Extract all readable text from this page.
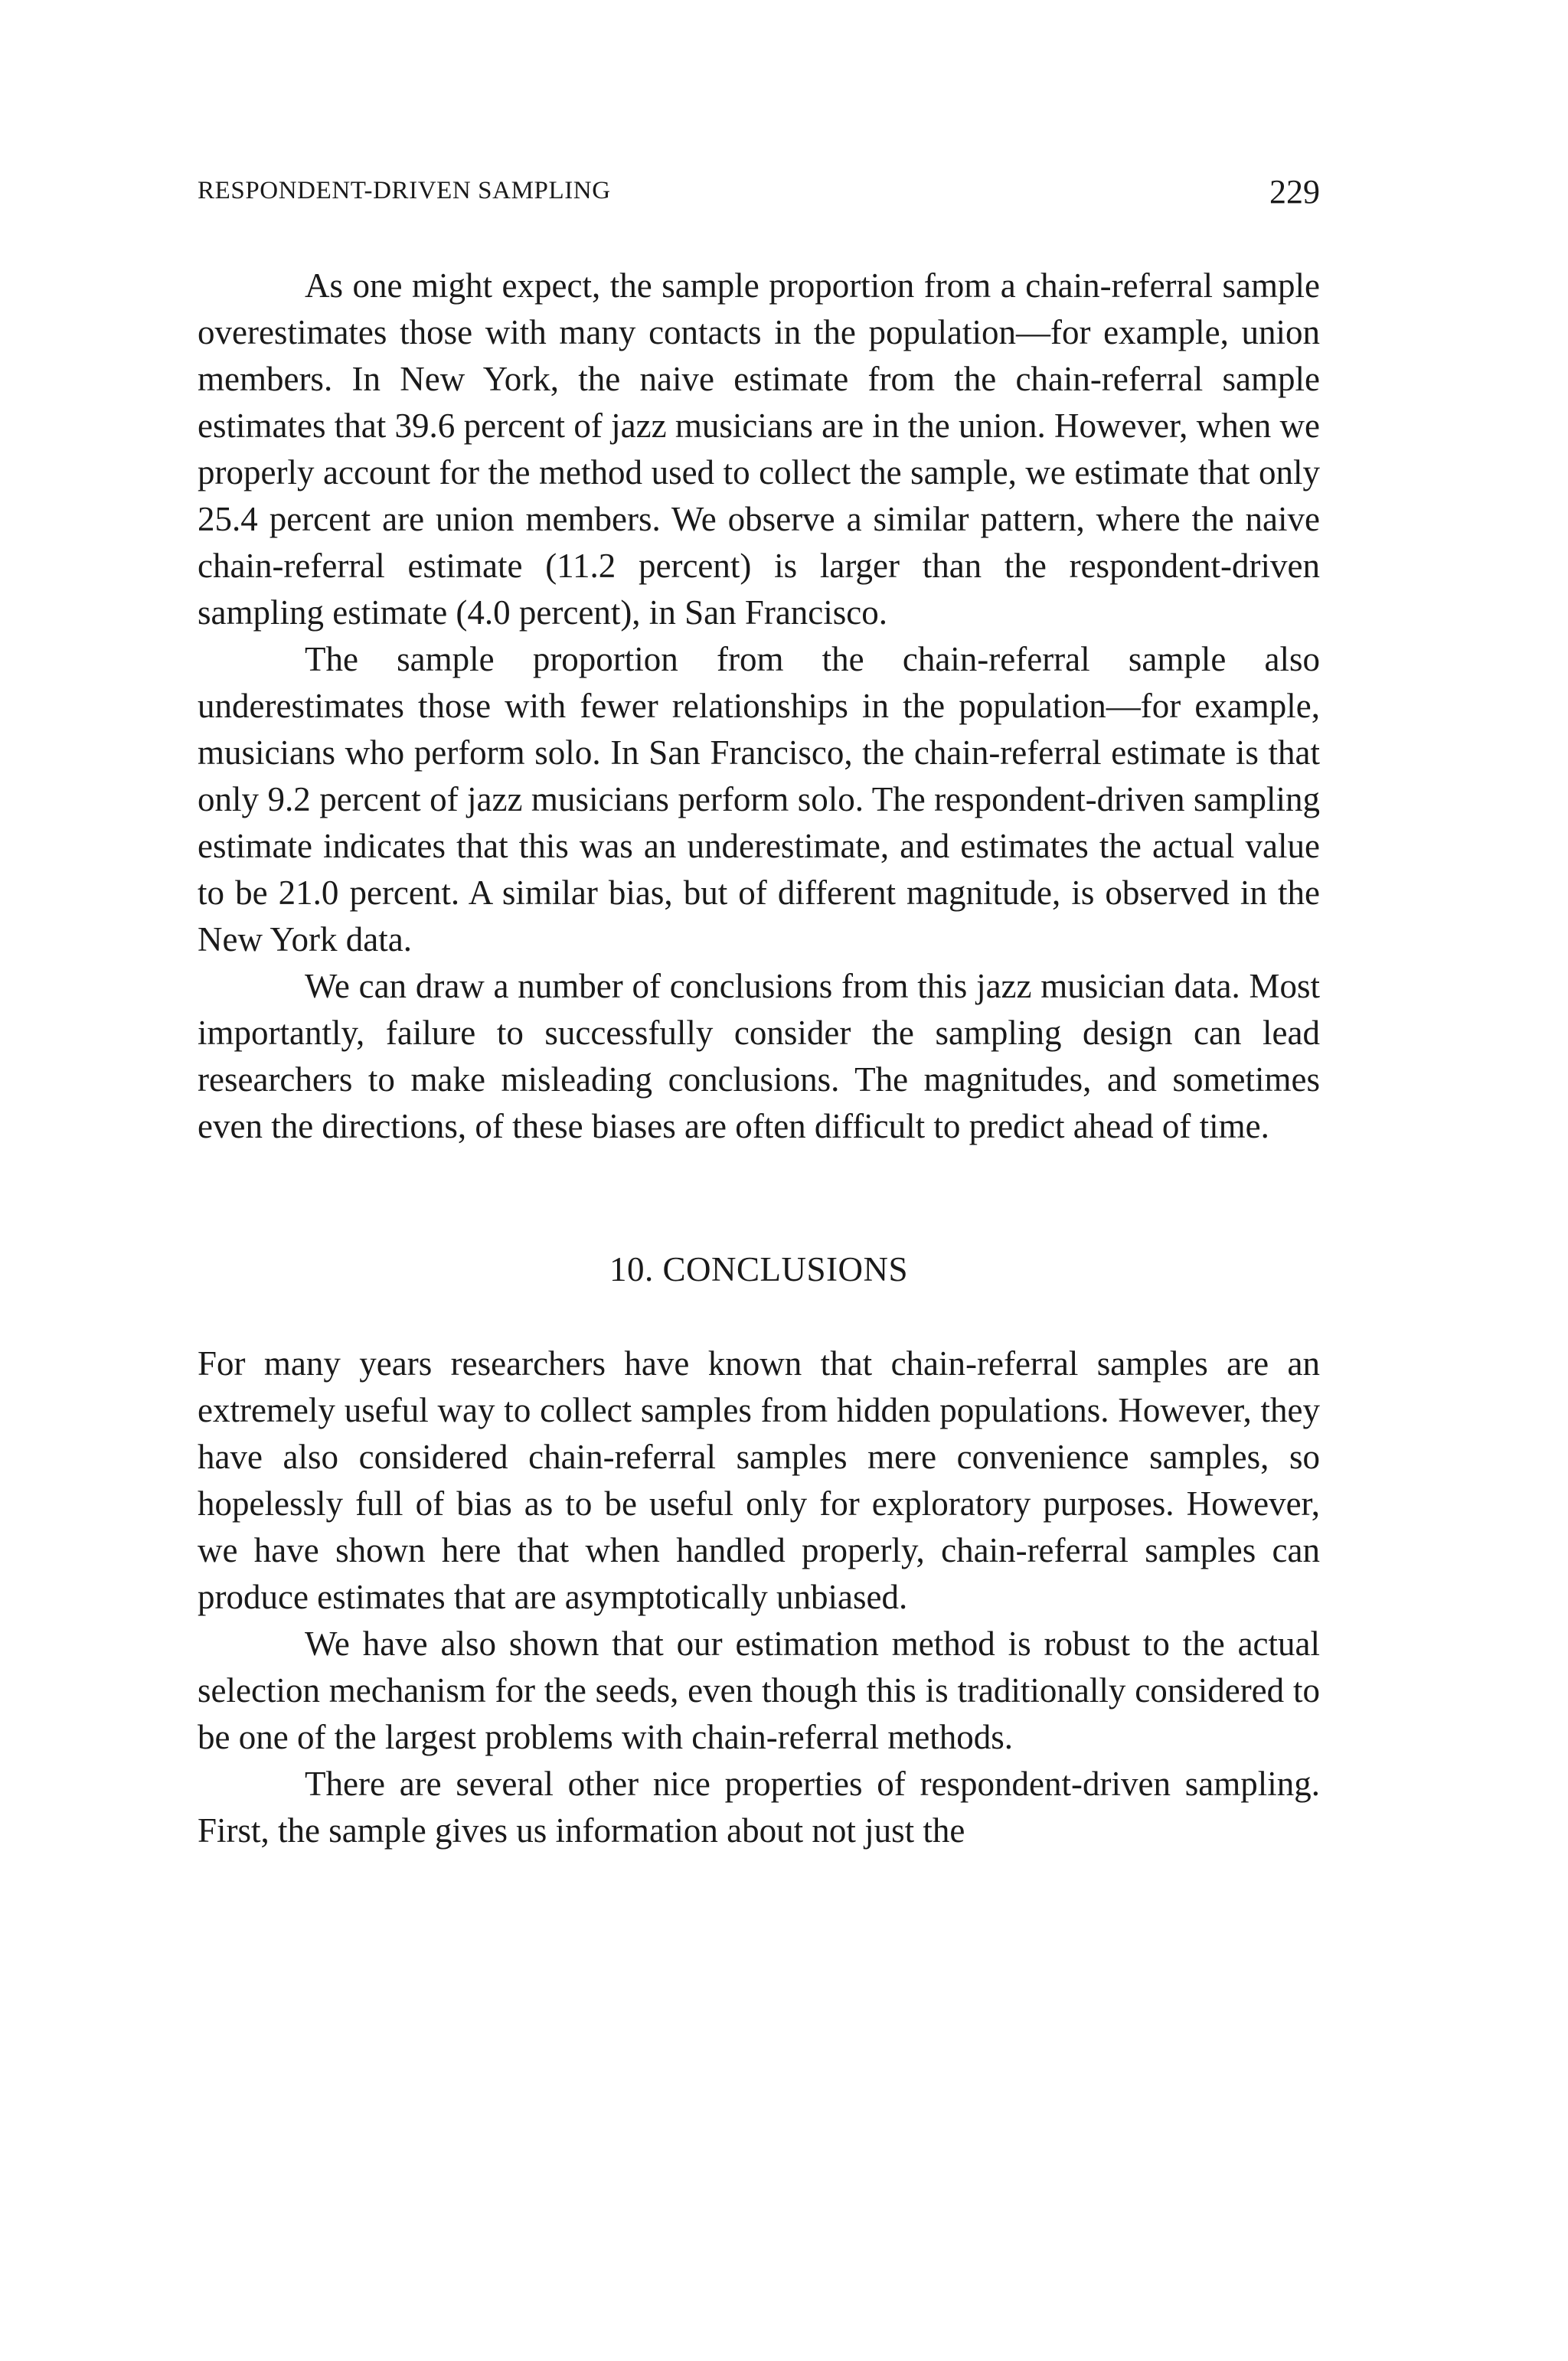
RESPONDENT-DRIVEN SAMPLING	229

As one might expect, the sample proportion from a chain-referral sample overestimates those with many contacts in the population—for example, union members. In New York, the naive estimate from the chain-referral sample estimates that 39.6 percent of jazz musicians are in the union. However, when we properly account for the method used to collect the sample, we estimate that only 25.4 percent are union members. We observe a similar pattern, where the naive chain-referral estimate (11.2 percent) is larger than the respondent-driven sampling estimate (4.0 percent), in San Francisco.

The sample proportion from the chain-referral sample also underestimates those with fewer relationships in the population—for example, musicians who perform solo. In San Francisco, the chain-referral estimate is that only 9.2 percent of jazz musicians perform solo. The respondent-driven sampling estimate indicates that this was an underestimate, and estimates the actual value to be 21.0 percent. A similar bias, but of different magnitude, is observed in the New York data.

We can draw a number of conclusions from this jazz musician data. Most importantly, failure to successfully consider the sampling design can lead researchers to make misleading conclusions. The magnitudes, and sometimes even the directions, of these biases are often difficult to predict ahead of time.

10. CONCLUSIONS

For many years researchers have known that chain-referral samples are an extremely useful way to collect samples from hidden populations. However, they have also considered chain-referral samples mere convenience samples, so hopelessly full of bias as to be useful only for exploratory purposes. However, we have shown here that when handled properly, chain-referral samples can produce estimates that are asymptotically unbiased.

We have also shown that our estimation method is robust to the actual selection mechanism for the seeds, even though this is traditionally considered to be one of the largest problems with chain-referral methods.

There are several other nice properties of respondent-driven sampling. First, the sample gives us information about not just the
